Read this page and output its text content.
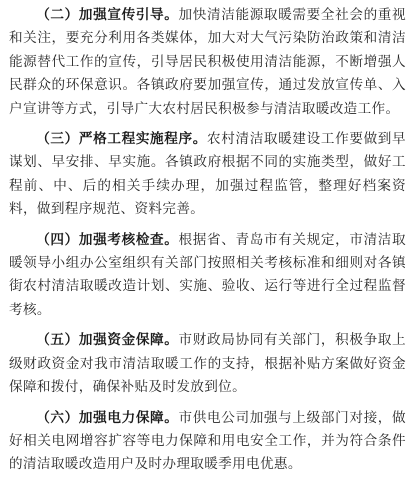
（二）加强宣传引导。加快清洁能源取暖需要全社会的重视和关注，要充分利用各类媒体，加大对大气污染防治政策和清洁能源替代工作的宣传，引导居民积极使用清洁能源，不断增强人民群众的环保意识。各镇政府要加强宣传，通过发放宣传单、入户宣讲等方式，引导广大农村居民积极参与清洁取暖改造工作。

（三）严格工程实施程序。农村清洁取暖建设工作要做到早谋划、早安排、早实施。各镇政府根据不同的实施类型，做好工程前、中、后的相关手续办理，加强过程监管，整理好档案资料，做到程序规范、资料完善。

（四）加强考核检查。根据省、青岛市有关规定，市清洁取暖领导小组办公室组织有关部门按照相关考核标准和细则对各镇街农村清洁取暖改造计划、实施、验收、运行等进行全过程监督考核。

（五）加强资金保障。市财政局协同有关部门，积极争取上级财政资金对我市清洁取暖工作的支持，根据补贴方案做好资金保障和拨付，确保补贴及时发放到位。

（六）加强电力保障。市供电公司加强与上级部门对接，做好相关电网增容扩容等电力保障和用电安全工作，并为符合条件的清洁取暖改造用户及时办理取暖季用电优惠。
